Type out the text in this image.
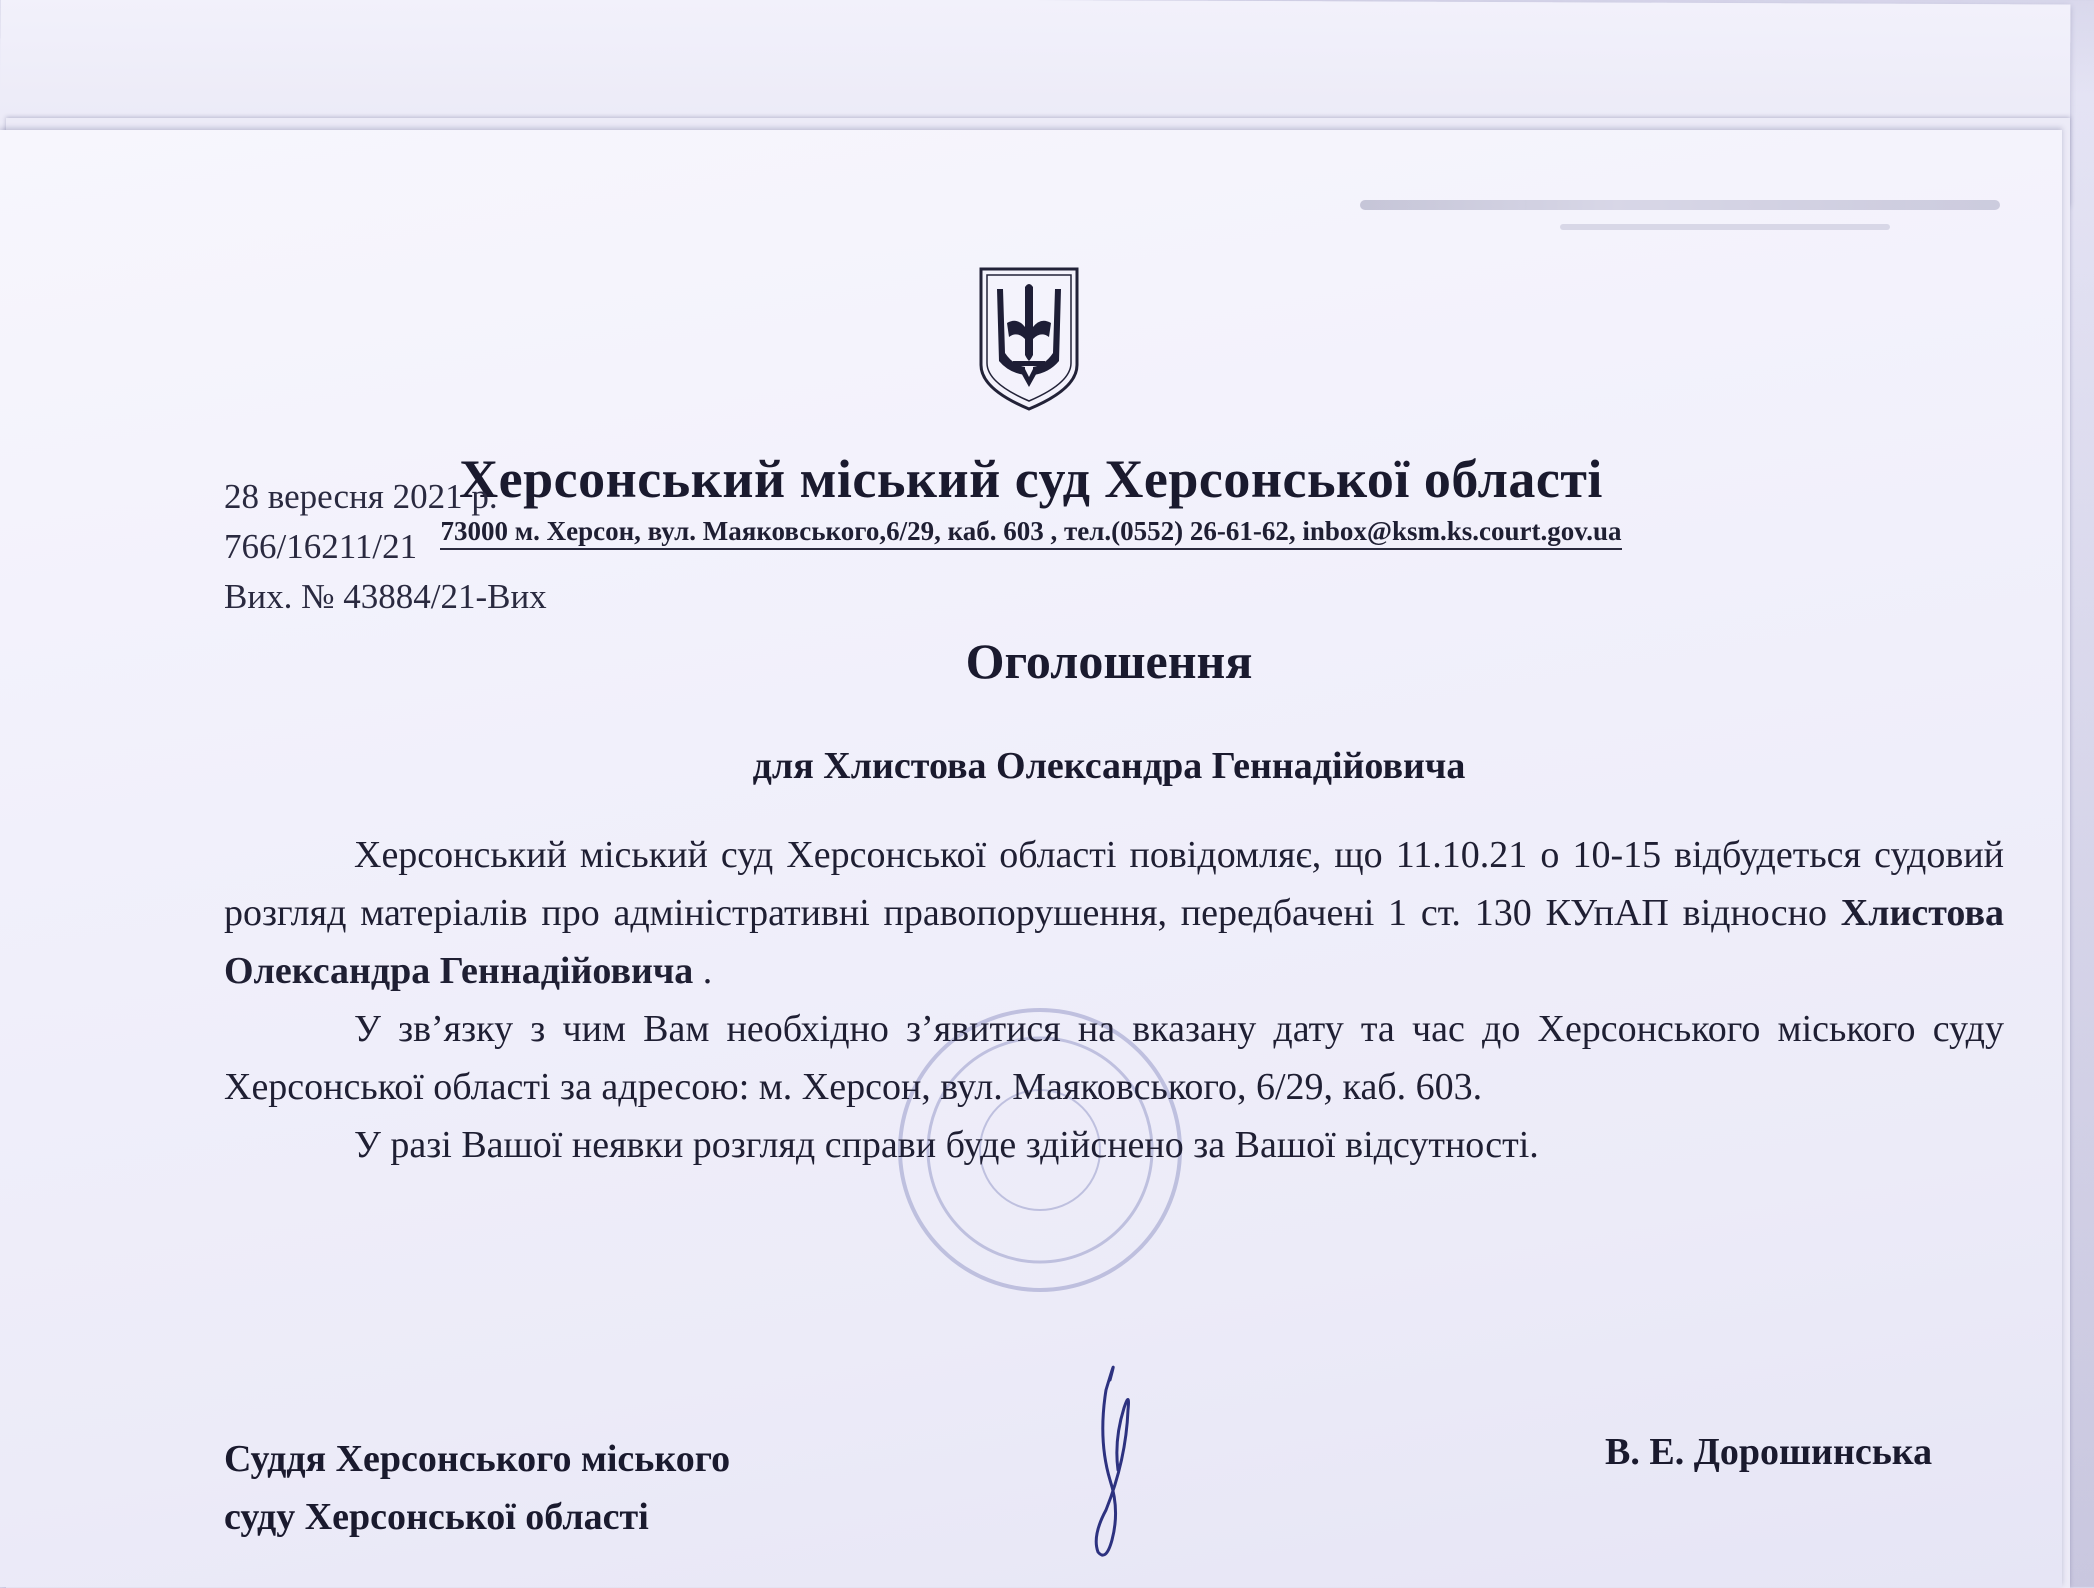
Херсонський міський суд Херсонської області
73000 м. Херсон, вул. Маяковського,6/29, каб. 603 , тел.(0552) 26-61-62, inbox@ksm.ks.court.gov.ua
28 вересня 2021 р.
766/16211/21
Вих. № 43884/21-Вих
Оголошення
для Хлистова Олександра Геннадійовича

Херсонський міський суд Херсонської області повідомляє, що 11.10.21 о 10-15 відбудеться судовий розгляд матеріалів про адміністративні правопорушення, передбачені 1 ст. 130 КУпАП відносно Хлистова Олександра Геннадійовича .

У зв’язку з чим Вам необхідно з’явитися на вказану дату та час до Херсонського міського суду Херсонської області за адресою: м. Херсон, вул. Маяковського, 6/29, каб. 603.

У разі Вашої неявки розгляд справи буде здійснено за Вашої відсутності.

Суддя Херсонського міського
суду Херсонської області
В. Е. Дорошинська
